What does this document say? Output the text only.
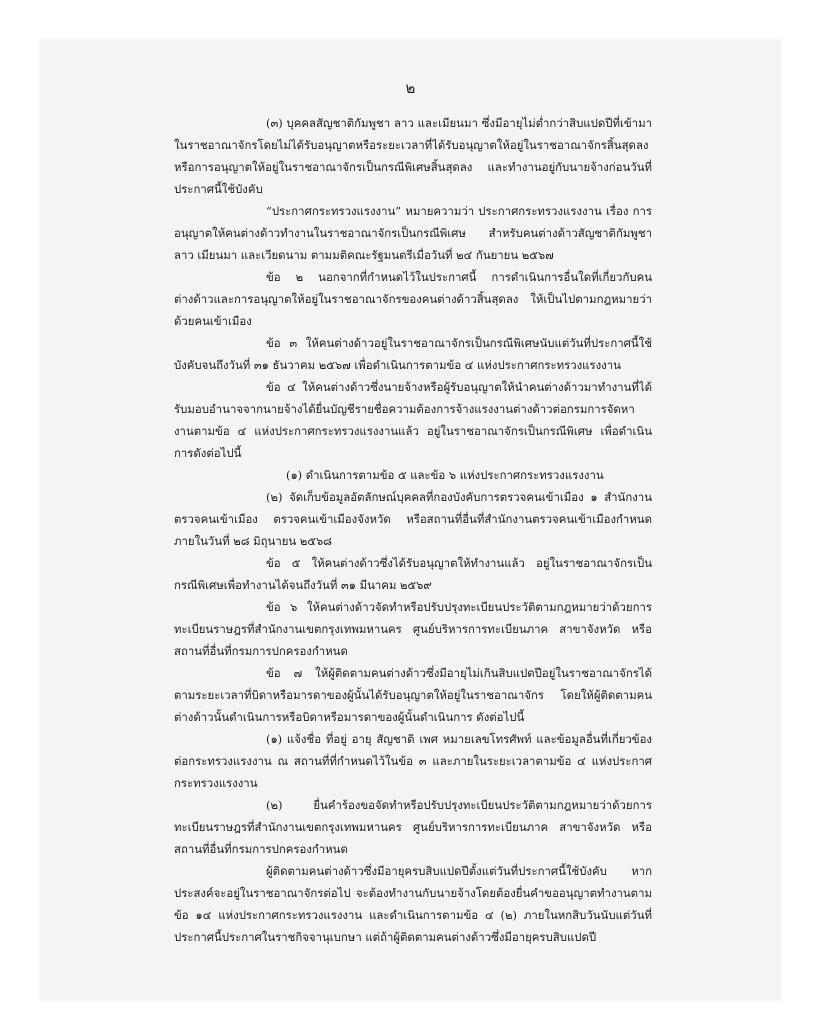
๒

(๓) บุคคลสัญชาติกัมพูชา ลาว และเมียนมา ซึ่งมีอายุไม่ต่ำกว่าสิบแปดปีที่เข้ามาในราชอาณาจักรโดยไม่ได้รับอนุญาตหรือระยะเวลาที่ได้รับอนุญาตให้อยู่ในราชอาณาจักรสิ้นสุดลง หรือการอนุญาตให้อยู่ในราชอาณาจักรเป็นกรณีพิเศษสิ้นสุดลง และทำงานอยู่กับนายจ้างก่อนวันที่ประกาศนี้ใช้บังคับ

“ประกาศกระทรวงแรงงาน” หมายความว่า ประกาศกระทรวงแรงงาน เรื่อง การอนุญาตให้คนต่างด้าวทำงานในราชอาณาจักรเป็นกรณีพิเศษ สำหรับคนต่างด้าวสัญชาติกัมพูชา ลาว เมียนมา และเวียดนาม ตามมติคณะรัฐมนตรีเมื่อวันที่ ๒๔ กันยายน ๒๕๖๗

ข้อ ๒ นอกจากที่กำหนดไว้ในประกาศนี้ การดำเนินการอื่นใดที่เกี่ยวกับคนต่างด้าวและการอนุญาตให้อยู่ในราชอาณาจักรของคนต่างด้าวสิ้นสุดลง ให้เป็นไปตามกฎหมายว่าด้วยคนเข้าเมือง

ข้อ ๓ ให้คนต่างด้าวอยู่ในราชอาณาจักรเป็นกรณีพิเศษนับแต่วันที่ประกาศนี้ใช้บังคับจนถึงวันที่ ๓๑ ธันวาคม ๒๕๖๗ เพื่อดำเนินการตามข้อ ๔ แห่งประกาศกระทรวงแรงงาน

ข้อ ๔ ให้คนต่างด้าวซึ่งนายจ้างหรือผู้รับอนุญาตให้นำคนต่างด้าวมาทำงานที่ได้รับมอบอำนาจจากนายจ้างได้ยื่นบัญชีรายชื่อความต้องการจ้างแรงงานต่างด้าวต่อกรมการจัดหางานตามข้อ ๔ แห่งประกาศกระทรวงแรงงานแล้ว อยู่ในราชอาณาจักรเป็นกรณีพิเศษ เพื่อดำเนินการดังต่อไปนี้

(๑) ดำเนินการตามข้อ ๕ และข้อ ๖ แห่งประกาศกระทรวงแรงงาน

(๒) จัดเก็บข้อมูลอัตลักษณ์บุคคลที่กองบังคับการตรวจคนเข้าเมือง ๑ สำนักงานตรวจคนเข้าเมือง ตรวจคนเข้าเมืองจังหวัด หรือสถานที่อื่นที่สำนักงานตรวจคนเข้าเมืองกำหนด ภายในวันที่ ๒๘ มิถุนายน ๒๕๖๘

ข้อ ๕ ให้คนต่างด้าวซึ่งได้รับอนุญาตให้ทำงานแล้ว อยู่ในราชอาณาจักรเป็นกรณีพิเศษเพื่อทำงานได้จนถึงวันที่ ๓๑ มีนาคม ๒๕๖๙

ข้อ ๖ ให้คนต่างด้าวจัดทำหรือปรับปรุงทะเบียนประวัติตามกฎหมายว่าด้วยการทะเบียนราษฎรที่สำนักงานเขตกรุงเทพมหานคร ศูนย์บริหารการทะเบียนภาค สาขาจังหวัด หรือสถานที่อื่นที่กรมการปกครองกำหนด

ข้อ ๗ ให้ผู้ติดตามคนต่างด้าวซึ่งมีอายุไม่เกินสิบแปดปีอยู่ในราชอาณาจักรได้ตามระยะเวลาที่บิดาหรือมารดาของผู้นั้นได้รับอนุญาตให้อยู่ในราชอาณาจักร โดยให้ผู้ติดตามคนต่างด้าวนั้นดำเนินการหรือบิดาหรือมารดาของผู้นั้นดำเนินการ ดังต่อไปนี้

(๑) แจ้งชื่อ ที่อยู่ อายุ สัญชาติ เพศ หมายเลขโทรศัพท์ และข้อมูลอื่นที่เกี่ยวข้องต่อกระทรวงแรงงาน ณ สถานที่ที่กำหนดไว้ในข้อ ๓ และภายในระยะเวลาตามข้อ ๔ แห่งประกาศกระทรวงแรงงาน

(๒) ยื่นคำร้องขอจัดทำหรือปรับปรุงทะเบียนประวัติตามกฎหมายว่าด้วยการทะเบียนราษฎรที่สำนักงานเขตกรุงเทพมหานคร ศูนย์บริหารการทะเบียนภาค สาขาจังหวัด หรือสถานที่อื่นที่กรมการปกครองกำหนด

ผู้ติดตามคนต่างด้าวซึ่งมีอายุครบสิบแปดปีตั้งแต่วันที่ประกาศนี้ใช้บังคับ หากประสงค์จะอยู่ในราชอาณาจักรต่อไป จะต้องทำงานกับนายจ้างโดยต้องยื่นคำขออนุญาตทำงานตามข้อ ๑๔ แห่งประกาศกระทรวงแรงงาน และดำเนินการตามข้อ ๔ (๒) ภายในหกสิบวันนับแต่วันที่ประกาศนี้ประกาศในราชกิจจานุเบกษา แต่ถ้าผู้ติดตามคนต่างด้าวซึ่งมีอายุครบสิบแปดปี
